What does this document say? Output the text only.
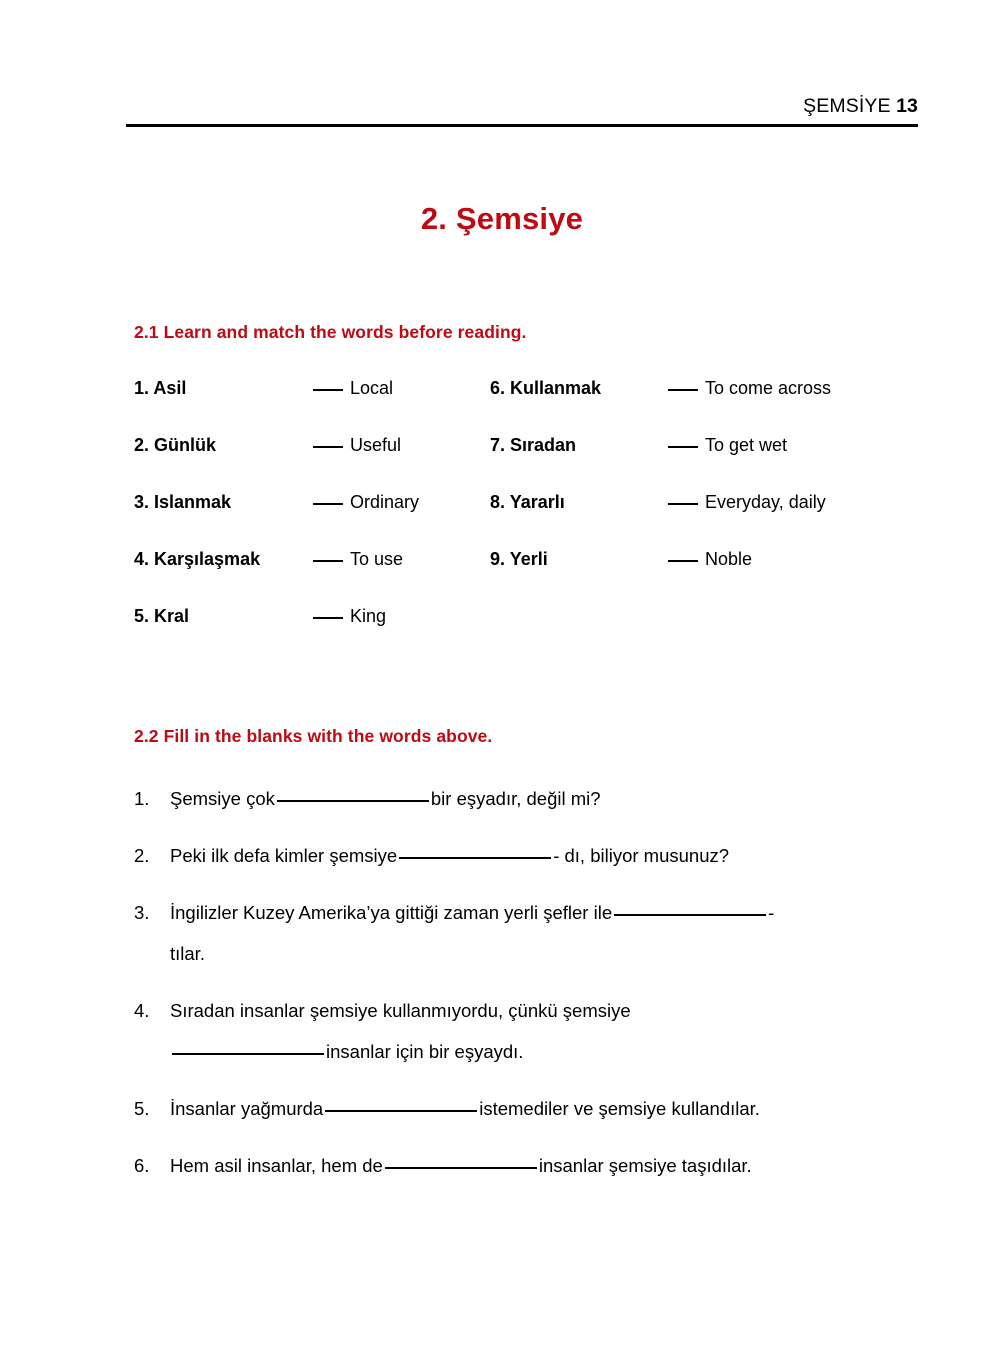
ŞEMSİYE 13
2. Şemsiye
2.1 Learn and match the words before reading.
1. Asil	Local	6. Kullanmak	To come across
2. Günlük	Useful	7. Sıradan	To get wet
3. Islanmak	Ordinary	8. Yararlı	Everyday, daily
4. Karşılaşmak	To use	9. Yerli	Noble
5. Kral	King
2.2 Fill in the blanks with the words above.
1. Şemsiye çok	bir eşyadır, değil mi?
2. Peki ilk defa kimler şemsiye	- dı, biliyor musunuz?
3. İngilizler Kuzey Amerika’ya gittiği zaman yerli şefler ile	-
tılar.
4. Sıradan insanlar şemsiye kullanmıyordu, çünkü şemsiye
insanlar için bir eşyaydı.
5. İnsanlar yağmurda	istemediler ve şemsiye kullandılar.
6. Hem asil insanlar, hem de	insanlar şemsiye taşıdılar.
